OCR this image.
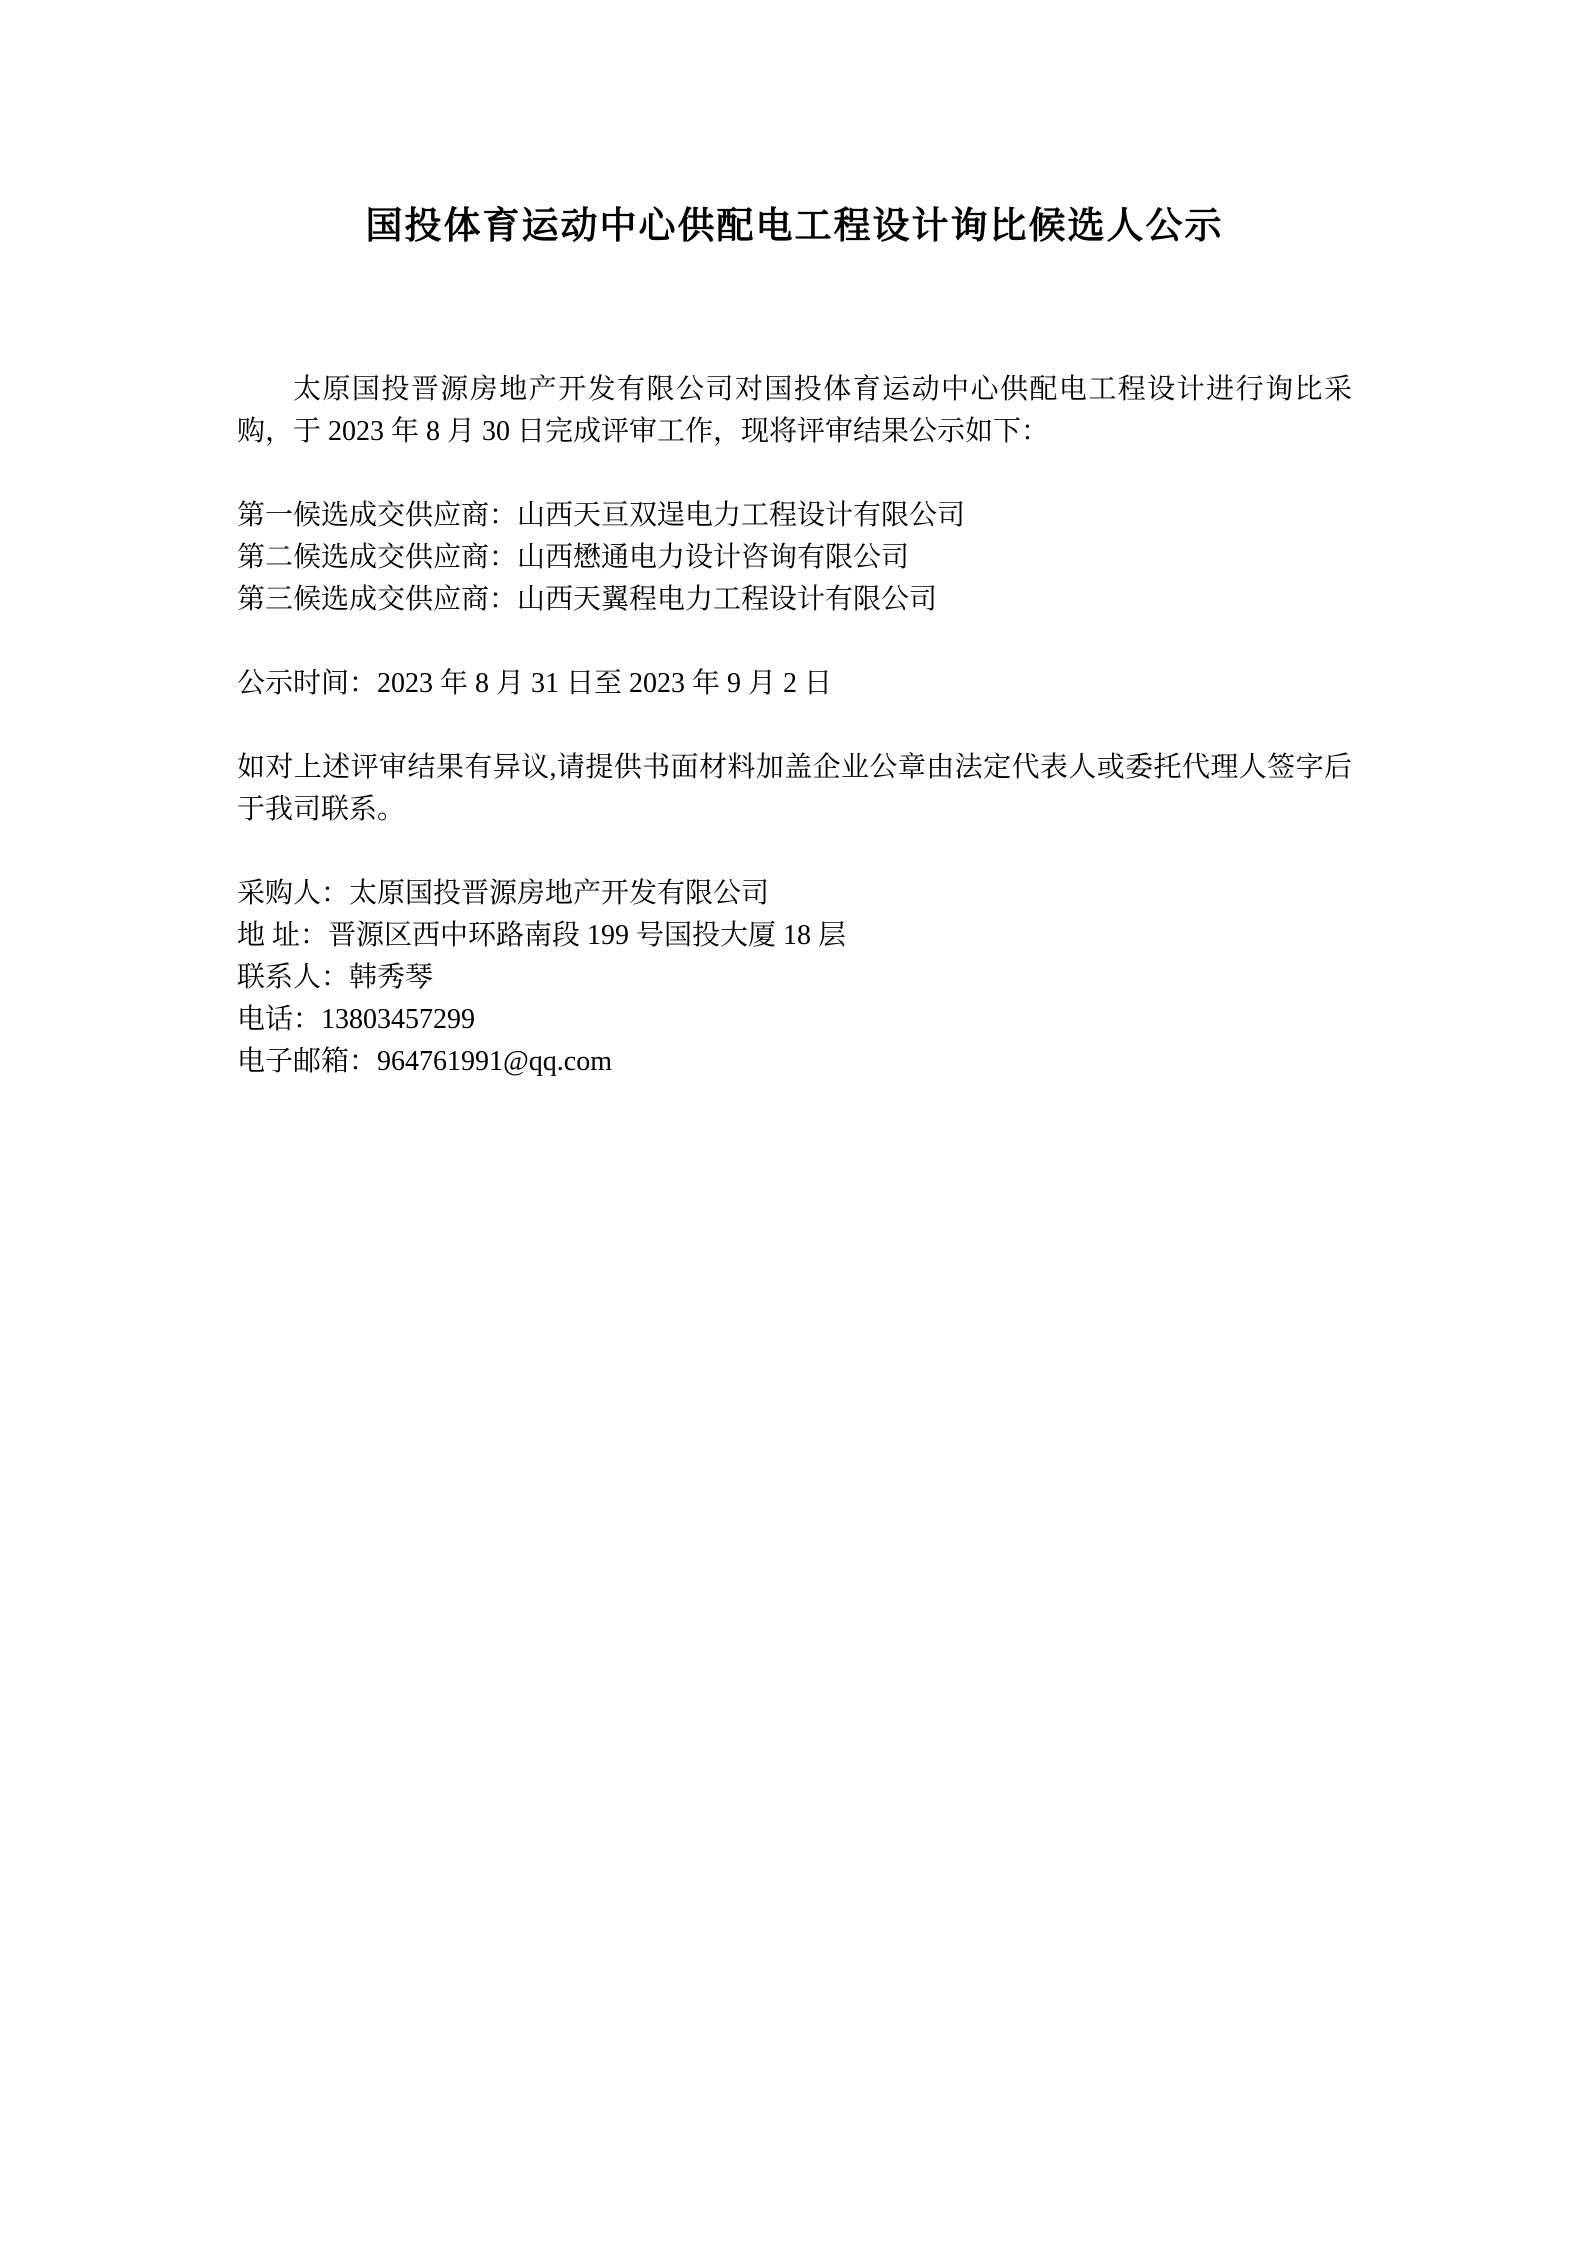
国投体育运动中心供配电工程设计询比候选人公示

太原国投晋源房地产开发有限公司对国投体育运动中心供配电工程设计进行询比采购，于 2023 年 8 月 30 日完成评审工作，现将评审结果公示如下：

第一候选成交供应商：山西天亘双逞电力工程设计有限公司

第二候选成交供应商：山西懋通电力设计咨询有限公司

第三候选成交供应商：山西天翼程电力工程设计有限公司

公示时间：2023 年 8 月 31 日至 2023 年 9 月 2 日

如对上述评审结果有异议,请提供书面材料加盖企业公章由法定代表人或委托代理人签字后于我司联系。

采购人：太原国投晋源房地产开发有限公司

地 址：晋源区西中环路南段 199 号国投大厦 18 层

联系人：韩秀琴

电话：13803457299

电子邮箱：964761991@qq.com
